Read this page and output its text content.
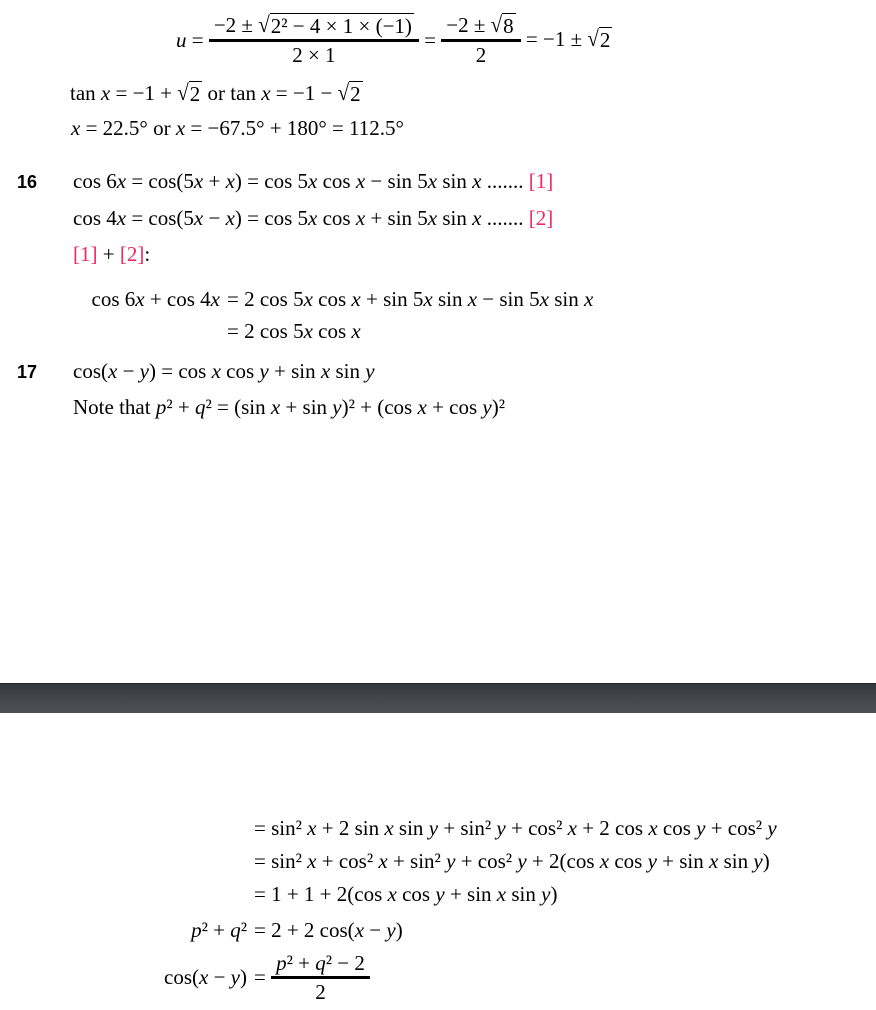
$u = \frac{\text{−2 ± √ 2² − 4 × 1 × (−1)}}{2 \times 1} = \frac{-2 \pm √ 8}{2} = -1$ ± √ 2
tan x = −1 + √ 2 or tan x = −1 − √ 2
x = 22.5° or x = −67.5° + 180° = 112.5°
16 cos 6x = cos(5x + x) = cos 5x cos x − sin 5x sin x ....... [1]
cos 4x = cos(5x − x) = cos 5x cos x + sin 5x sin x ....... [2]
[1] + [2]:
cos 6 x + cos 4 x = 2 cos 5 x cos x + sin 5 x sin x − sin 5 x sin x
= 2 cos 5 x cos x
17 cos(x − y) = cos x cos y + sin x sin y
Note that p² + q² = (sin x + sin y)² + (cos x + cos y)²
= sin² x + 2 sin x sin y + sin² y + cos² x + 2 cos x cos y + cos² y
= sin² x + cos² x + sin² y + cos² y + 2(cos x cos y + sin x sin y )
= 1 + 1 + 2(cos x cos y + sin x sin y )
p ² + q ² = 2 + 2 cos( x − y )
cos( x − y ) = $\frac{\text{p² + q² − 2}}{2}$
